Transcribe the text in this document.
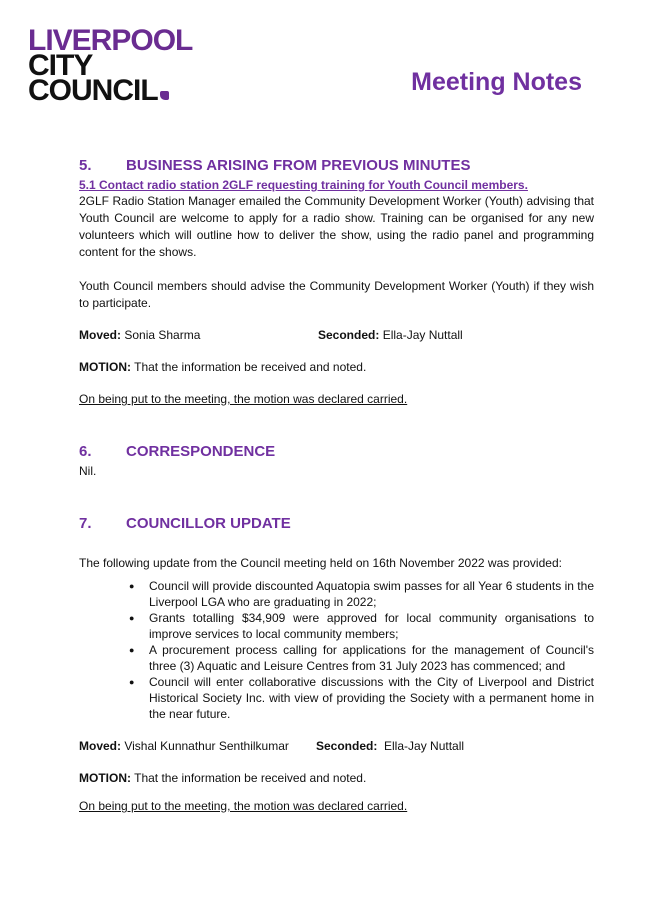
LIVERPOOL
CITY
COUNCIL	Meeting Notes
5.	BUSINESS ARISING FROM PREVIOUS MINUTES

5.1 Contact radio station 2GLF requesting training for Youth Council members.

2GLF Radio Station Manager emailed the Community Development Worker (Youth) advising that Youth Council are welcome to apply for a radio show. Training can be organised for any new volunteers which will outline how to deliver the show, using the radio panel and programming content for the shows.

Youth Council members should advise the Community Development Worker (Youth) if they wish to participate.

Moved: Sonia Sharma	Seconded: Ella-Jay Nuttall

MOTION: That the information be received and noted.

On being put to the meeting, the motion was declared carried.

6.	CORRESPONDENCE

Nil.

7.	COUNCILLOR UPDATE

The following update from the Council meeting held on 16th November 2022 was provided:

● Council will provide discounted Aquatopia swim passes for all Year 6 students in the Liverpool LGA who are graduating in 2022;
● Grants totalling $34,909 were approved for local community organisations to improve services to local community members;
● A procurement process calling for applications for the management of Council's three (3) Aquatic and Leisure Centres from 31 July 2023 has commenced; and
● Council will enter collaborative discussions with the City of Liverpool and District Historical Society Inc. with view of providing the Society with a permanent home in the near future.
Moved: Vishal Kunnathur Senthilkumar	Seconded: Ella-Jay Nuttall

MOTION: That the information be received and noted.

On being put to the meeting, the motion was declared carried.
